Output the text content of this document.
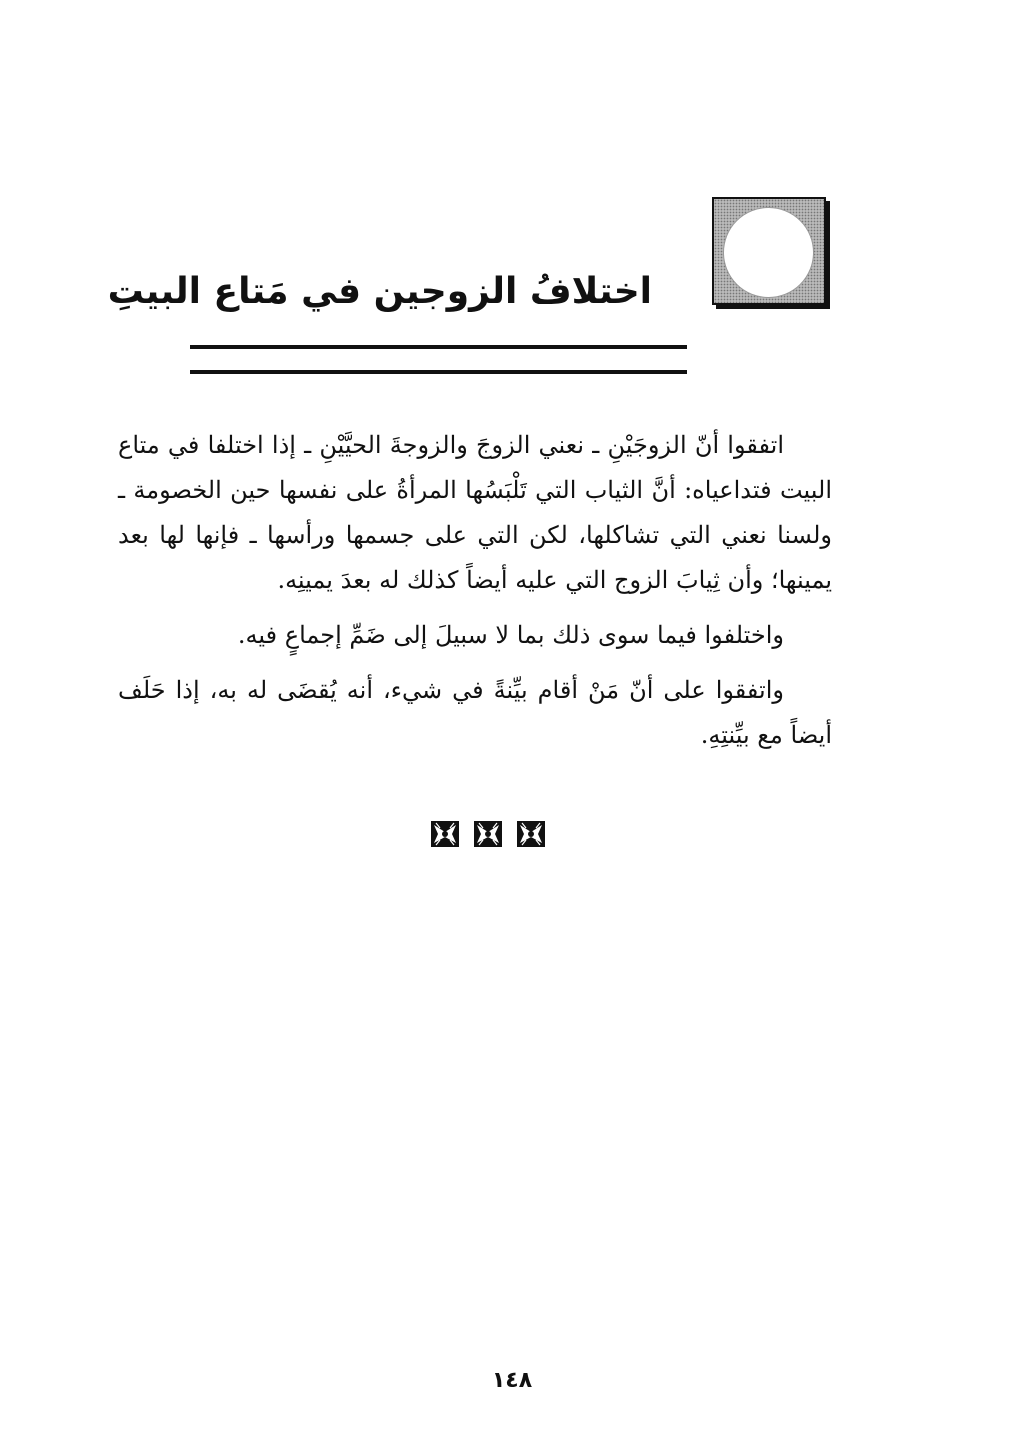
اختلافُ الزوجين في مَتاع البيتِ

اتفقوا أنّ الزوجَيْنِ ـ نعني الزوجَ والزوجةَ الحيَّيْنِ ـ إذا اختلفا في متاع البيت فتداعياه: أنَّ الثياب التي تَلْبَسُها المرأةُ على نفسها حين الخصومة ـ ولسنا نعني التي تشاكلها، لكن التي على جسمها ورأسها ـ فإنها لها بعد يمينها؛ وأن ثِيابَ الزوج التي عليه أيضاً كذلك له بعدَ يمينِه.

واختلفوا فيما سوى ذلك بما لا سبيلَ إلى ضَمِّ إجماعٍ فيه.

واتفقوا على أنّ مَنْ أقام بيِّنةً في شيء، أنه يُقضَى له به، إذا حَلَف أيضاً مع بيِّنتِهِ.

١٤٨
